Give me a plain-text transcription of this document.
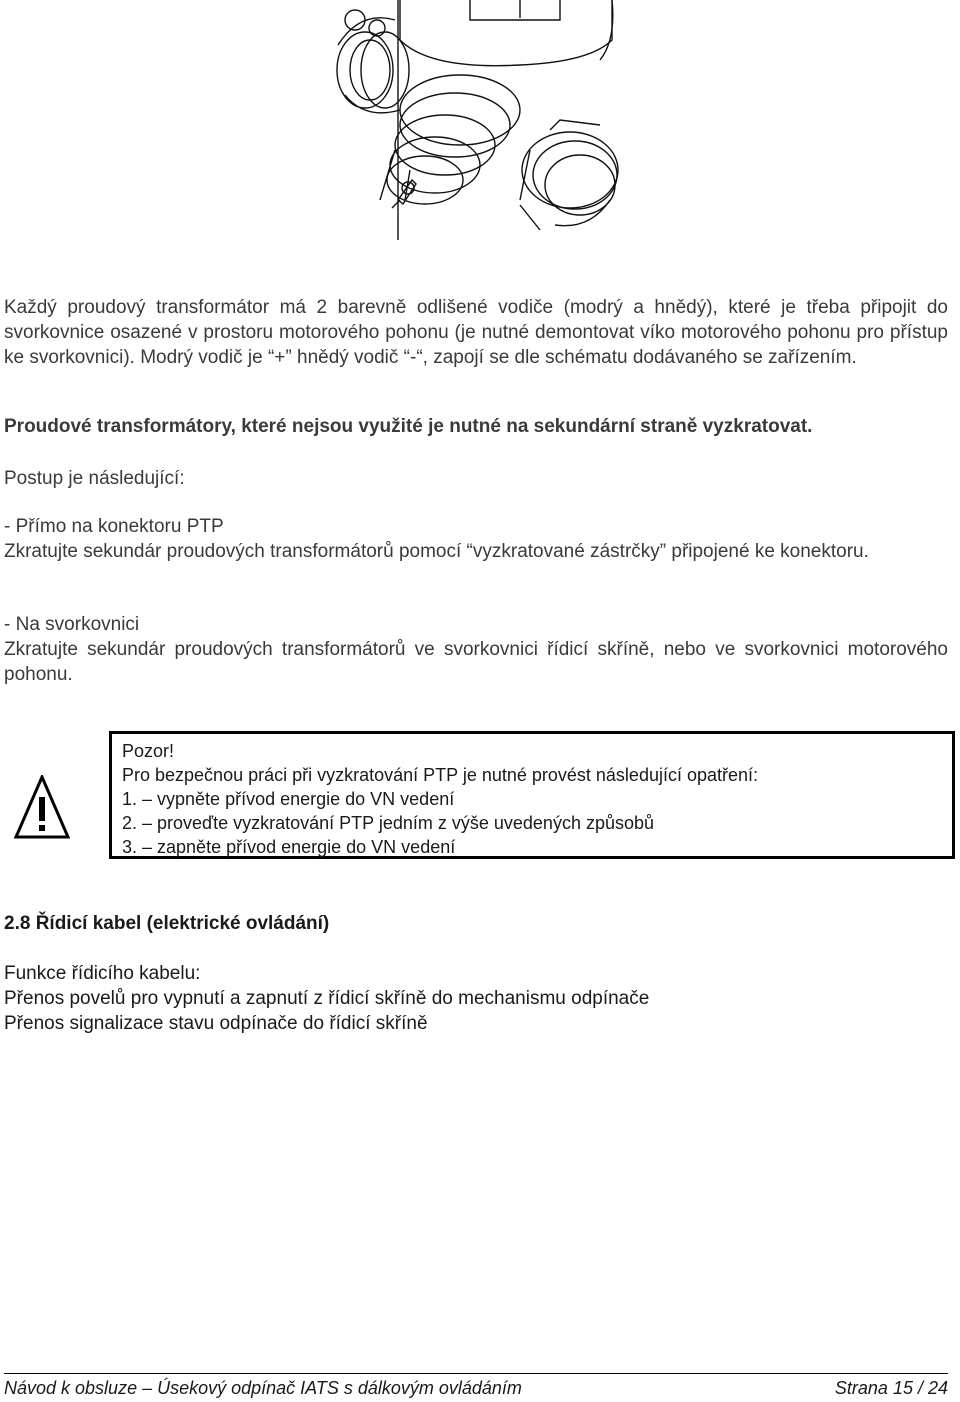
Každý proudový transformátor má 2 barevně odlišené vodiče (modrý a hnědý), které je třeba připojit do svorkovnice osazené v prostoru motorového pohonu (je nutné demontovat víko motorového pohonu pro přístup ke svorkovnici). Modrý vodič je “+” hnědý vodič “-“, zapojí se dle schématu dodávaného se zařízením.
Proudové transformátory, které nejsou využité je nutné na sekundární straně vyzkratovat.
Postup je následující:
- Přímo na konektoru PTP
Zkratujte sekundár proudových transformátorů pomocí “vyzkratované zástrčky” připojené ke konektoru.
- Na svorkovnici
Zkratujte sekundár proudových transformátorů ve svorkovnici řídicí skříně, nebo ve svorkovnici motorového pohonu.
Pozor!
Pro bezpečnou práci při vyzkratování PTP je nutné provést následující opatření:
1. – vypněte přívod energie do VN vedení
2. – proveďte vyzkratování PTP jedním z výše uvedených způsobů
3. – zapněte přívod energie do VN vedení
2.8 Řídicí kabel (elektrické ovládání)
Funkce řídicího kabelu:
Přenos povelů pro vypnutí a zapnutí z řídicí skříně do mechanismu odpínače
Přenos signalizace stavu odpínače do řídicí skříně
Návod k obsluze – Úsekový odpínač IATS s dálkovým ovládáním	Strana 15 / 24
